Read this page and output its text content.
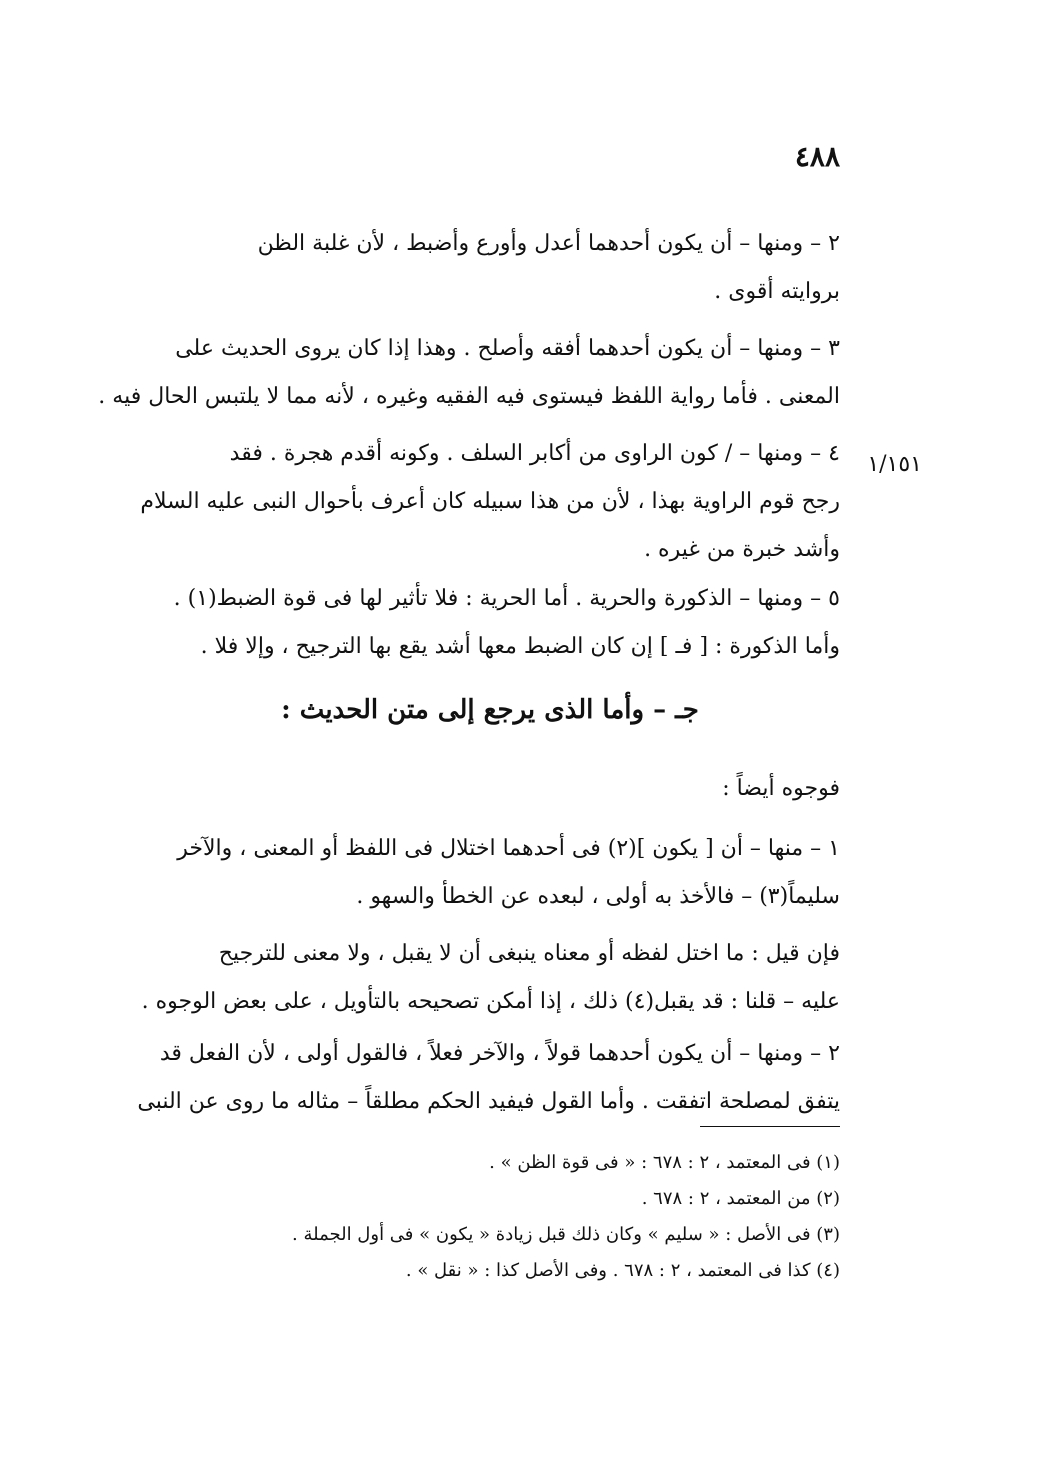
٤٨٨
٢ – ومنها – أن يكون أحدهما أعدل وأورع وأضبط ، لأن غلبة الظن
بروايته أقوى .
٣ – ومنها – أن يكون أحدهما أفقه وأصلح . وهذا إذا كان يروى الحديث على
المعنى . فأما رواية اللفظ فيستوى فيه الفقيه وغيره ، لأنه مما لا يلتبس الحال فيه .
١/١٥١
٤ – ومنها – / كون الراوى من أكابر السلف . وكونه أقدم هجرة . فقد
رجح قوم الراوية بهذا ، لأن من هذا سبيله كان أعرف بأحوال النبى عليه السلام
وأشد خبرة من غيره .
٥ – ومنها – الذكورة والحرية . أما الحرية : فلا تأثير لها فى قوة الضبط(١) .
وأما الذكورة : [ فـ ] إن كان الضبط معها أشد يقع بها الترجيح ، وإلا فلا .
جـ – وأما الذى يرجع إلى متن الحديث :
فوجوه أيضاً :
١ – منها – أن [ يكون ](٢) فى أحدهما اختلال فى اللفظ أو المعنى ، والآخر
سليماً(٣) – فالأخذ به أولى ، لبعده عن الخطأ والسهو .
فإن قيل : ما اختل لفظه أو معناه ينبغى أن لا يقبل ، ولا معنى للترجيح
عليه – قلنا : قد يقبل(٤) ذلك ، إذا أمكن تصحيحه بالتأويل ، على بعض الوجوه .
٢ – ومنها – أن يكون أحدهما قولاً ، والآخر فعلاً ، فالقول أولى ، لأن الفعل قد
يتفق لمصلحة اتفقت . وأما القول فيفيد الحكم مطلقاً – مثاله ما روى عن النبى
(١) فى المعتمد ، ٢ : ٦٧٨ : « فى قوة الظن » .
(٢) من المعتمد ، ٢ : ٦٧٨ .
(٣) فى الأصل : « سليم » وكان ذلك قبل زيادة « يكون » فى أول الجملة .
(٤) كذا فى المعتمد ، ٢ : ٦٧٨ . وفى الأصل كذا : « نقل » .
